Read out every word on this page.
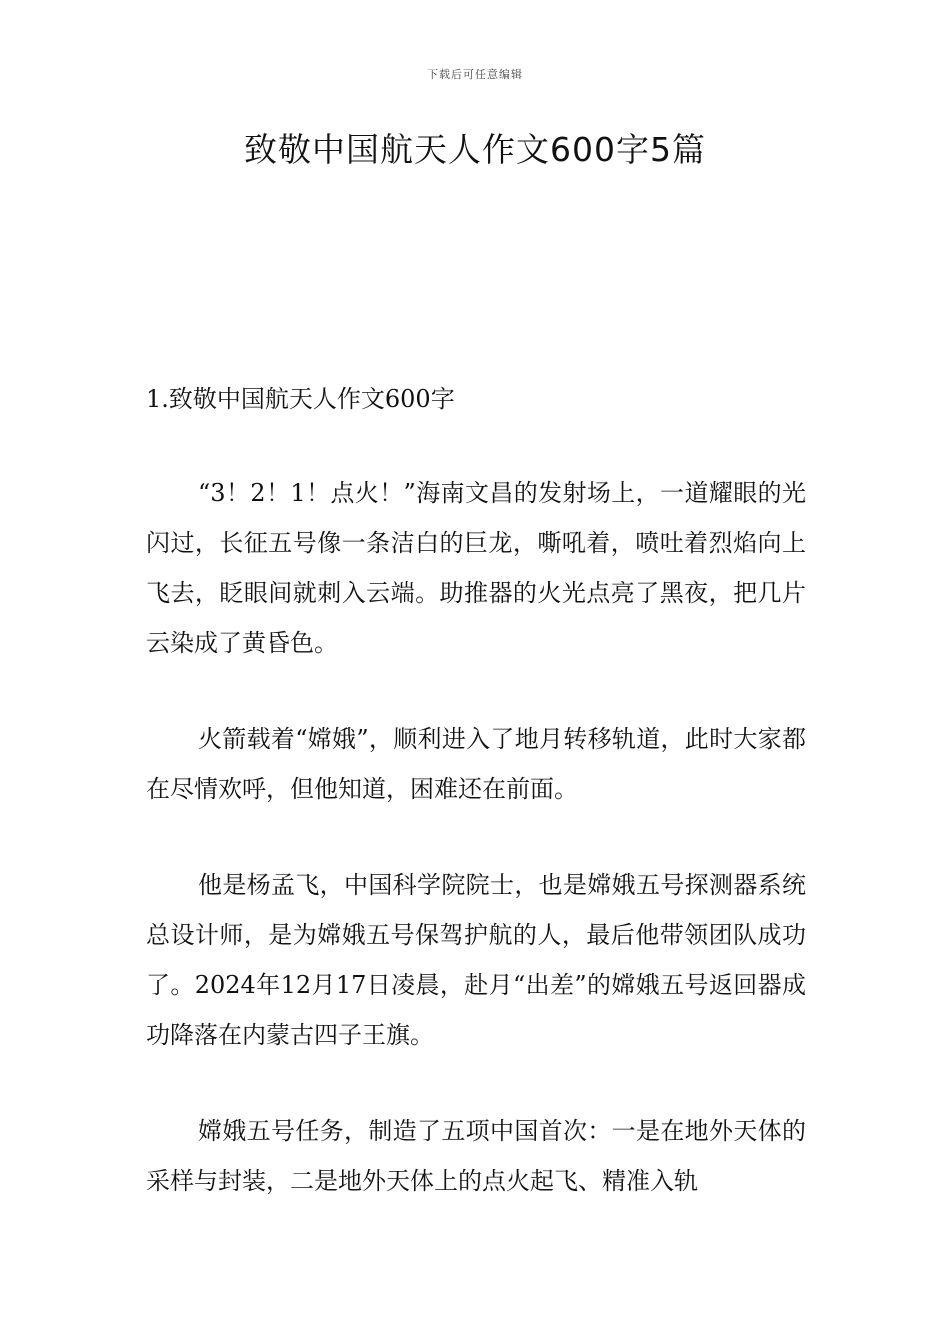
下载后可任意编辑
致敬中国航天人作文600字5篇
1.致敬中国航天人作文600字

“3！2！1！点火！”海南文昌的发射场上，一道耀眼的光闪过，长征五号像一条洁白的巨龙，嘶吼着，喷吐着烈焰向上飞去，眨眼间就刺入云端。助推器的火光点亮了黑夜，把几片云染成了黄昏色。

火箭载着“嫦娥”，顺利进入了地月转移轨道，此时大家都在尽情欢呼，但他知道，困难还在前面。

他是杨孟飞，中国科学院院士，也是嫦娥五号探测器系统总设计师，是为嫦娥五号保驾护航的人，最后他带领团队成功了。2024年12月17日凌晨，赴月“出差”的嫦娥五号返回器成功降落在内蒙古四子王旗。

嫦娥五号任务，制造了五项中国首次：一是在地外天体的采样与封装，二是地外天体上的点火起飞、精准入轨
